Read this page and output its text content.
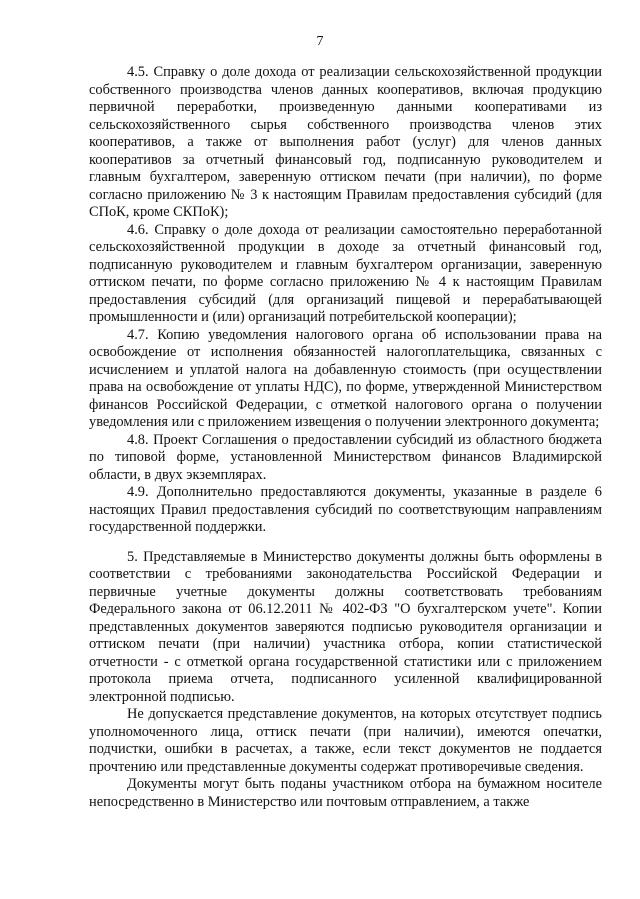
7

4.5. Справку о доле дохода от реализации сельскохозяйственной продукции собственного производства членов данных кооперативов, включая продукцию первичной переработки, произведенную данными кооперативами из сельскохозяйственного сырья собственного производства членов этих кооперативов, а также от выполнения работ (услуг) для членов данных кооперативов за отчетный финансовый год, подписанную руководителем и главным бухгалтером, заверенную оттиском печати (при наличии), по форме согласно приложению № 3 к настоящим Правилам предоставления субсидий (для СПоК, кроме СКПоК);

4.6. Справку о доле дохода от реализации самостоятельно переработанной сельскохозяйственной продукции в доходе за отчетный финансовый год, подписанную руководителем и главным бухгалтером организации, заверенную оттиском печати, по форме согласно приложению № 4 к настоящим Правилам предоставления субсидий (для организаций пищевой и перерабатывающей промышленности и (или) организаций потребительской кооперации);

4.7. Копию уведомления налогового органа об использовании права на освобождение от исполнения обязанностей налогоплательщика, связанных с исчислением и уплатой налога на добавленную стоимость (при осуществлении права на освобождение от уплаты НДС), по форме, утвержденной Министерством финансов Российской Федерации, с отметкой налогового органа о получении уведомления или с приложением извещения о получении электронного документа;

4.8. Проект Соглашения о предоставлении субсидий из областного бюджета по типовой форме, установленной Министерством финансов Владимирской области, в двух экземплярах.

4.9. Дополнительно предоставляются документы, указанные в разделе 6 настоящих Правил предоставления субсидий по соответствующим направлениям государственной поддержки.

5. Представляемые в Министерство документы должны быть оформлены в соответствии с требованиями законодательства Российской Федерации и первичные учетные документы должны соответствовать требованиям Федерального закона от 06.12.2011 № 402-ФЗ "О бухгалтерском учете". Копии представленных документов заверяются подписью руководителя организации и оттиском печати (при наличии) участника отбора, копии статистической отчетности - с отметкой органа государственной статистики или с приложением протокола приема отчета, подписанного усиленной квалифицированной электронной подписью.

Не допускается представление документов, на которых отсутствует подпись уполномоченного лица, оттиск печати (при наличии), имеются опечатки, подчистки, ошибки в расчетах, а также, если текст документов не поддается прочтению или представленные документы содержат противоречивые сведения.

Документы могут быть поданы участником отбора на бумажном носителе непосредственно в Министерство или почтовым отправлением, а также
